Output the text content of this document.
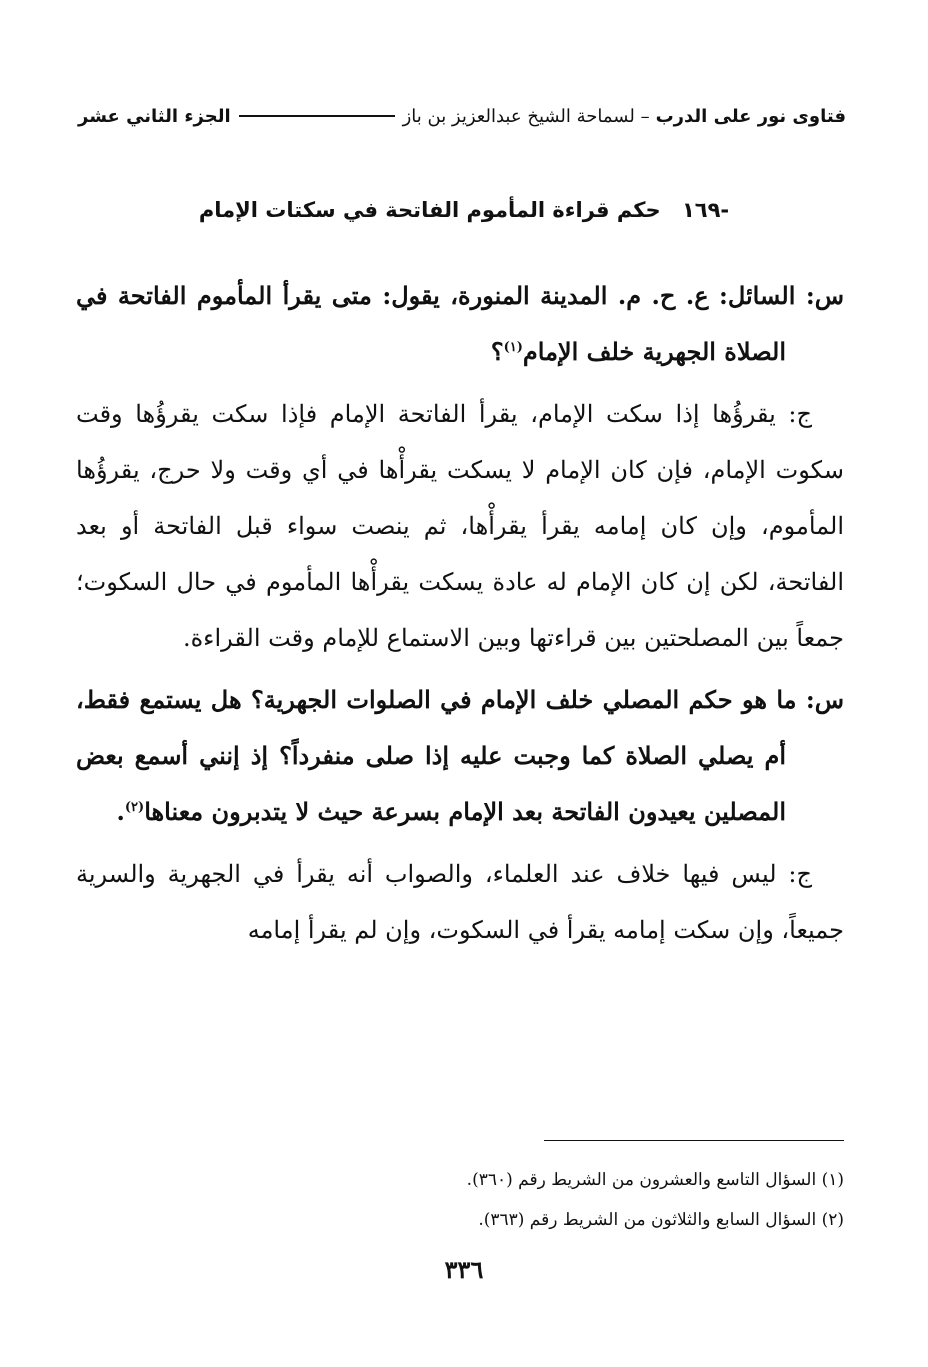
فتاوى نور على الدرب
– لسماحة الشيخ عبدالعزيز بن باز
الجزء الثاني عشر
-١٦٩ حكم قراءة المأموم الفاتحة في سكتات الإمام

س: السائل: ع. ح. م. المدينة المنورة، يقول: متى يقرأ المأموم الفاتحة في الصلاة الجهرية خلف الإمام$^{(١)}$؟

ج: يقرؤُها إذا سكت الإمام، يقرأ الفاتحة الإمام فإذا سكت يقرؤُها وقت سكوت الإمام، فإن كان الإمام لا يسكت يقرأْها في أي وقت ولا حرج، يقرؤُها المأموم، وإن كان إمامه يقرأ يقرأْها، ثم ينصت سواء قبل الفاتحة أو بعد الفاتحة، لكن إن كان الإمام له عادة يسكت يقرأْها المأموم في حال السكوت؛ جمعاً بين المصلحتين بين قراءتها وبين الاستماع للإمام وقت القراءة.

س: ما هو حكم المصلي خلف الإمام في الصلوات الجهرية؟ هل يستمع فقط، أم يصلي الصلاة كما وجبت عليه إذا صلى منفرداً؟ إذ إنني أسمع بعض المصلين يعيدون الفاتحة بعد الإمام بسرعة حيث لا يتدبرون معناها$^{(٢)}$.

ج: ليس فيها خلاف عند العلماء، والصواب أنه يقرأ في الجهرية والسرية جميعاً، وإن سكت إمامه يقرأ في السكوت، وإن لم يقرأ إمامه

(١) السؤال التاسع والعشرون من الشريط رقم (٣٦٠).
(٢) السؤال السابع والثلاثون من الشريط رقم (٣٦٣).
٣٣٦
